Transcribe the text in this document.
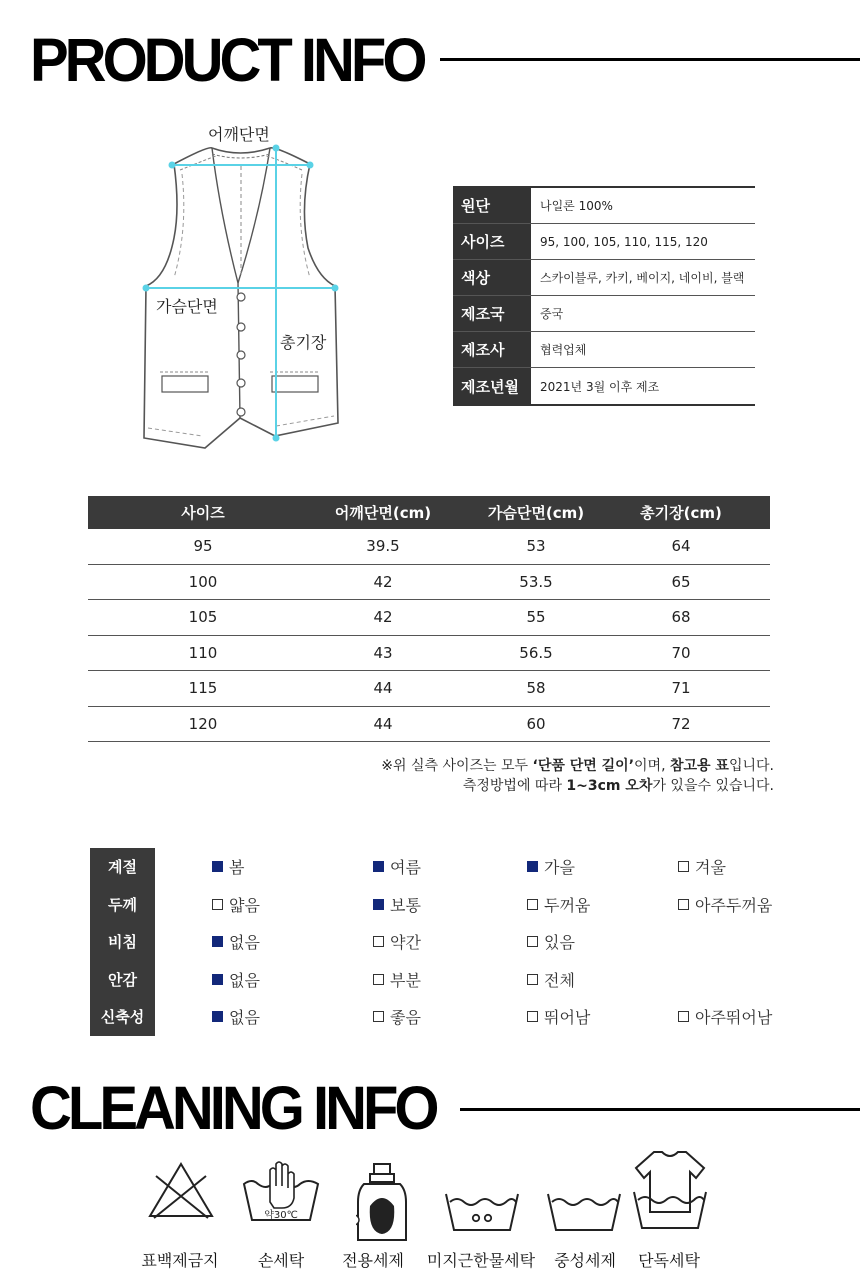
PRODUCT INFO
어깨단면
가슴단면
총기장
원단	나일론 100%
사이즈	95, 100, 105, 110, 115, 120
색상	스카이블루, 카키, 베이지, 네이비, 블랙
제조국	중국
제조사	협력업체
제조년월	2021년 3월 이후 제조
사이즈	어깨단면(cm)	가슴단면(cm)	총기장(cm)
95	39.5	53	64
100	42	53.5	65
105	42	55	68
110	43	56.5	70
115	44	58	71
120	44	60	72
※위 실측 사이즈는 모두 ‘단품 단면 길이’이며, 참고용 표입니다.
측정방법에 따라 1~3cm 오차가 있을수 있습니다.
계절	봄	여름	가을	겨울
두께	얇음	보통	두꺼움	아주두꺼움
비침	없음	약간	있음
안감	없음	부분	전체
신축성	없음	좋음	뛰어남	아주뛰어남
CLEANING INFO
약30℃
표백제금지 손세탁 전용세제 미지근한물세탁 중성세제 단독세탁
